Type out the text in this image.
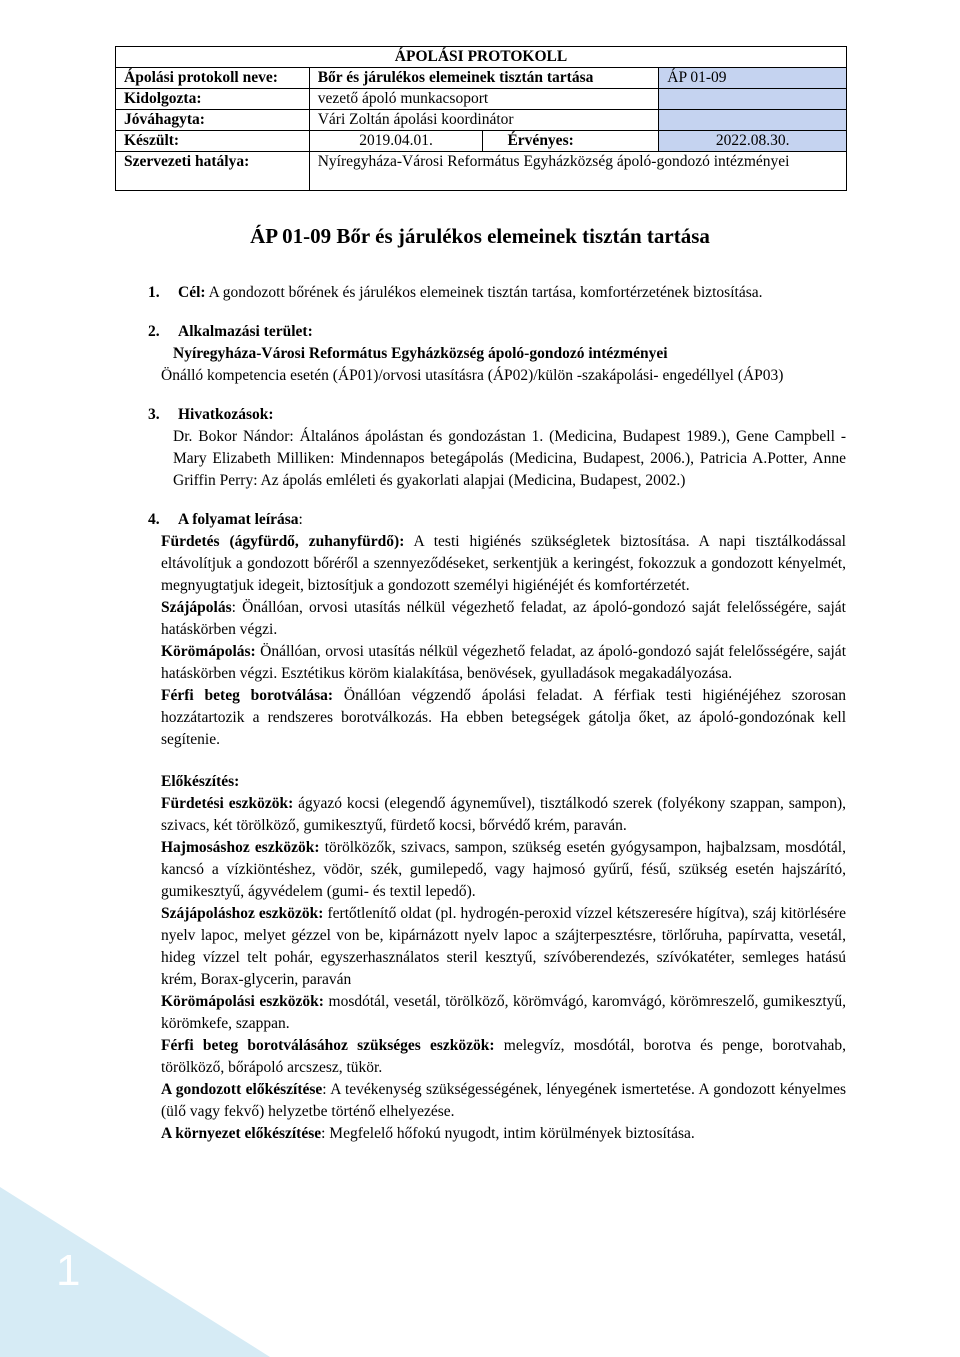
1
ÁPOLÁSI PROTOKOLL			
Ápolási protokoll neve:	Bőr és járulékos elemeinek tisztán tartása		ÁP 01-09
Kidolgozta:	vezető ápoló munkacsoport		
Jóváhagyta:	Vári Zoltán ápolási koordinátor		
Készült:	2019.04.01.	Érvényes:	2022.08.30.
Szervezeti hatálya:	Nyíregyháza-Városi Református Egyházközség ápoló-gondozó intézményei		
ÁP 01-09 Bőr és járulékos elemeinek tisztán tartása

1. Cél: A gondozott bőrének és járulékos elemeinek tisztán tartása, komfortérzetének biztosítása.

2. Alkalmazási terület:

Nyíregyháza-Városi Református Egyházközség ápoló-gondozó intézményei

Önálló kompetencia esetén (ÁP01)/orvosi utasításra (ÁP02)/külön -szakápolási- engedéllyel (ÁP03)

3. Hivatkozások:

Dr. Bokor Nándor: Általános ápolástan és gondozástan 1. (Medicina, Budapest 1989.), Gene Campbell - Mary Elizabeth Milliken: Mindennapos betegápolás (Medicina, Budapest, 2006.), Patricia A.Potter, Anne Griffin Perry: Az ápolás emléleti és gyakorlati alapjai (Medicina, Budapest, 2002.)

4. A folyamat leírása:

Fürdetés (ágyfürdő, zuhanyfürdő): A testi higiénés szükségletek biztosítása. A napi tisztálkodással eltávolítjuk a gondozott bőréről a szennyeződéseket, serkentjük a keringést, fokozzuk a gondozott kényelmét, megnyugtatjuk idegeit, biztosítjuk a gondozott személyi higiénéjét és komfortérzetét.

Szájápolás: Önállóan, orvosi utasítás nélkül végezhető feladat, az ápoló-gondozó saját felelősségére, saját hatáskörben végzi.

Körömápolás: Önállóan, orvosi utasítás nélkül végezhető feladat, az ápoló-gondozó saját felelősségére, saját hatáskörben végzi. Esztétikus köröm kialakítása, benövések, gyulladások megakadályozása.

Férfi beteg borotválása: Önállóan végzendő ápolási feladat. A férfiak testi higiénéjéhez szorosan hozzátartozik a rendszeres borotválkozás. Ha ebben betegségek gátolja őket, az ápoló-gondozónak kell segítenie.

Előkészítés:

Fürdetési eszközök: ágyazó kocsi (elegendő ágyneművel), tisztálkodó szerek (folyékony szappan, sampon), szivacs, két törölköző, gumikesztyű, fürdető kocsi, bőrvédő krém, paraván.

Hajmosáshoz eszközök: törölközők, szivacs, sampon, szükség esetén gyógysampon, hajbalzsam, mosdótál, kancsó a vízkiöntéshez, vödör, szék, gumilepedő, vagy hajmosó gyűrű, fésű, szükség esetén hajszárító, gumikesztyű, ágyvédelem (gumi- és textil lepedő).

Szájápoláshoz eszközök: fertőtlenítő oldat (pl. hydrogén-peroxid vízzel kétszeresére hígítva), száj kitörlésére nyelv lapoc, melyet gézzel von be, kipárnázott nyelv lapoc a szájterpesztésre, törlőruha, papírvatta, vesetál, hideg vízzel telt pohár, egyszerhasználatos steril kesztyű, szívóberendezés, szívókatéter, semleges hatású krém, Borax-glycerin, paraván

Körömápolási eszközök: mosdótál, vesetál, törölköző, körömvágó, karomvágó, körömreszelő, gumikesztyű, körömkefe, szappan.

Férfi beteg borotválásához szükséges eszközök: melegvíz, mosdótál, borotva és penge, borotvahab, törölköző, bőrápoló arcszesz, tükör.

A gondozott előkészítése: A tevékenység szükségességének, lényegének ismertetése. A gondozott kényelmes (ülő vagy fekvő) helyzetbe történő elhelyezése.

A környezet előkészítése: Megfelelő hőfokú nyugodt, intim körülmények biztosítása.
